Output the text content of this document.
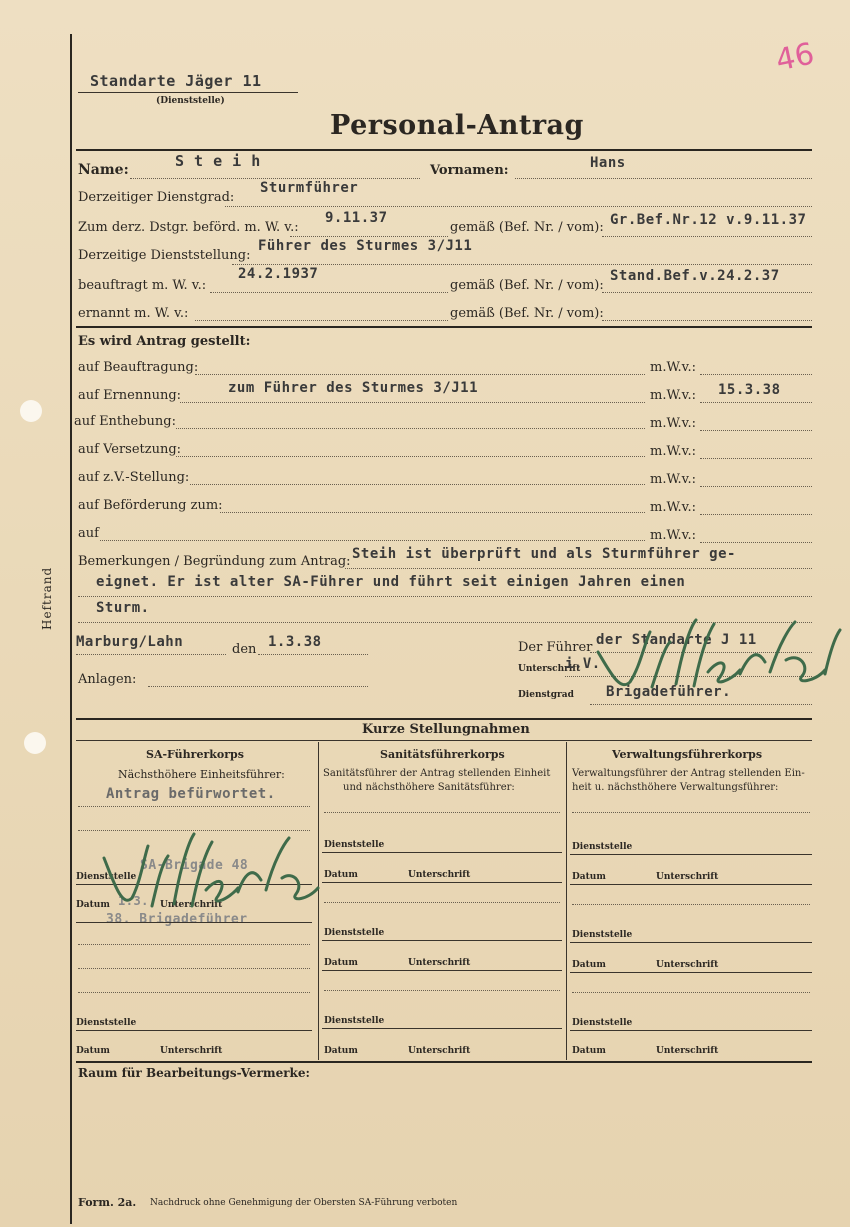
Heftrand
46
Standarte Jäger 11
(Dienststelle)
Personal-Antrag
Name:	S t e i h
Vornamen:	Hans
Derzeitiger Dienstgrad:
Sturmführer
Zum derz. Dstgr. beförd. m. W. v.:
9.11.37
gemäß (Bef. Nr. / vom): Gr.Bef.Nr.12 v.9.11.37
Derzeitige Dienststellung:
Führer des Sturmes 3/J11
beauftragt m. W. v.:
24.2.1937
gemäß (Bef. Nr. / vom):
Stand.Bef.v.24.2.37
ernannt m. W. v.:	gemäß (Bef. Nr. / vom):
Es wird Antrag gestellt:
auf Beauftragung:	m.W.v.:
auf Ernennung:	zum Führer des Sturmes 3/J11	m.W.v.: 15.3.38
auf Enthebung:	m.W.v.:
auf Versetzung:	m.W.v.:
auf z.V.-Stellung:	m.W.v.:
auf Beförderung zum:	m.W.v.:
auf	m.W.v.:
Bemerkungen / Begründung zum Antrag: Steih ist überprüft und als Sturmführer ge-
eignet. Er ist alter SA-Führer und führt seit einigen Jahren einen
Sturm.
Marburg/Lahn	den 1.3.38
Anlagen:
Der Führer der Standarte J 11
Unterschrift
i.V.
Dienstgrad Brigadeführer.
Kurze Stellungnahmen
SA-Führerkorps
Nächsthöhere Einheitsführer:
Antrag befürwortet.
SA-Brigade 48
Dienststelle
Datum 1.3. Unterschrift
38. Brigadeführer
Dienststelle
Datum	Unterschrift
Sanitätsführerkorps
Sanitätsführer der Antrag stellenden Einheit
und nächsthöhere Sanitätsführer:
Dienststelle
Datum	Unterschrift
Dienststelle
Datum	Unterschrift
Dienststelle
Datum	Unterschrift
Verwaltungsführerkorps
Verwaltungsführer der Antrag stellenden Ein-
heit u. nächsthöhere Verwaltungsführer:
Dienststelle
Datum	Unterschrift
Dienststelle
Datum	Unterschrift
Dienststelle
Datum	Unterschrift
Raum für Bearbeitungs-Vermerke:
Form. 2a. Nachdruck ohne Genehmigung der Obersten SA-Führung verboten
